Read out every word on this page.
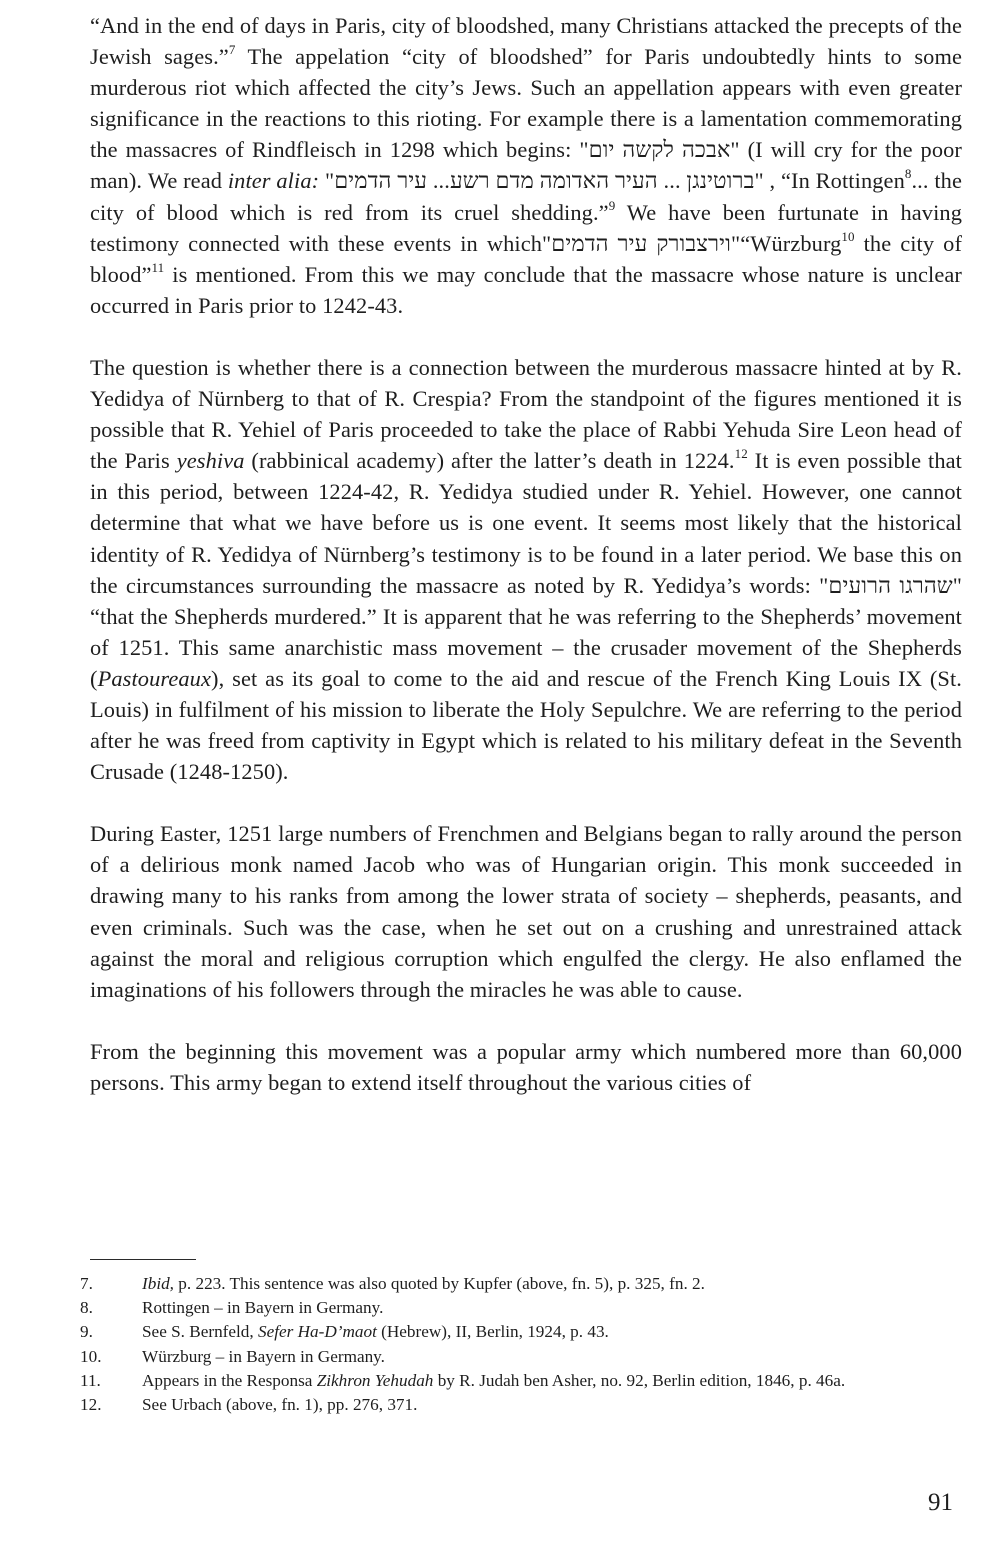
“And in the end of days in Paris, city of bloodshed, many Christians attacked the precepts of the Jewish sages.”$^7$ The appelation “city of bloodshed” for Paris undoubtedly hints to some murderous riot which affected the city’s Jews. Such an appellation appears with even greater significance in the reactions to this rioting. For example there is a lamentation commemorating the massacres of Rindfleisch in 1298 which begins: "אבכה לקשה יום" (I will cry for the poor man). We read inter alia: "ברוטינגן ... העיר האדומה מדם רשע... עיר הדמים" , “In Rottingen$^8$... the city of blood which is red from its cruel shedding.”$^9$ We have been furtunate in having testimony connected with these events in which"וירצבורק עיר הדמים"“Würzburg$^{10}$ the city of blood”$^{11}$ is mentioned. From this we may conclude that the massacre whose nature is unclear occurred in Paris prior to 1242-43.

The question is whether there is a connection between the murderous massacre hinted at by R. Yedidya of Nürnberg to that of R. Crespia? From the standpoint of the figures mentioned it is possible that R. Yehiel of Paris proceeded to take the place of Rabbi Yehuda Sire Leon head of the Paris yeshiva (rabbinical academy) after the latter’s death in 1224.12 It is even possible that in this period, between 1224-42, R. Yedidya studied under R. Yehiel. However, one cannot determine that what we have before us is one event. It seems most likely that the historical identity of R. Yedidya of Nürnberg’s testimony is to be found in a later period. We base this on the circumstances surrounding the massacre as noted by R. Yedidya’s words: "שהרגו הרועים" “that the Shepherds murdered.” It is apparent that he was referring to the Shepherds’ movement of 1251. This same anarchistic mass movement – the crusader movement of the Shepherds (Pastoureaux), set as its goal to come to the aid and rescue of the French King Louis IX (St. Louis) in fulfilment of his mission to liberate the Holy Sepulchre. We are referring to the period after he was freed from captivity in Egypt which is related to his military defeat in the Seventh Crusade (1248-1250).

During Easter, 1251 large numbers of Frenchmen and Belgians began to rally around the person of a delirious monk named Jacob who was of Hungarian origin. This monk succeeded in drawing many to his ranks from among the lower strata of society – shepherds, peasants, and even criminals. Such was the case, when he set out on a crushing and unrestrained attack against the moral and religious corruption which engulfed the clergy. He also enflamed the imaginations of his followers through the miracles he was able to cause.

From the beginning this movement was a popular army which numbered more than 60,000 persons. This army began to extend itself throughout the various cities of

7.	Ibid, p. 223. This sentence was also quoted by Kupfer (above, fn. 5), p. 325, fn. 2.

8.	Rottingen – in Bayern in Germany.

9.	See S. Bernfeld, Sefer Ha-D’maot (Hebrew), II, Berlin, 1924, p. 43.

10. Würzburg – in Bayern in Germany.

11. Appears in the Responsa Zikhron Yehudah by R. Judah ben Asher, no. 92, Berlin edition, 1846, p. 46a.

12. See Urbach (above, fn. 1), pp. 276, 371.

91
